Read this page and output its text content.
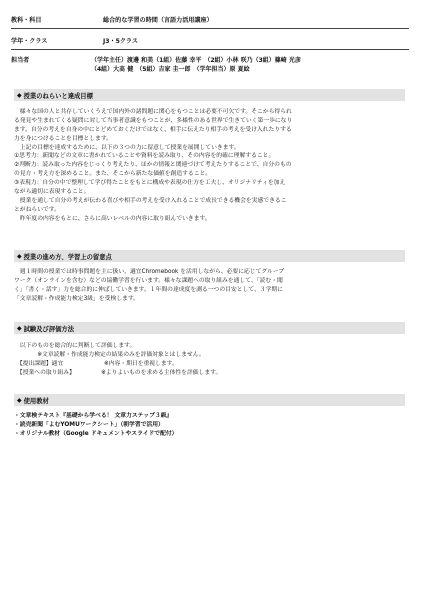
教科・科目	総合的な学習の時間（言語力活用講座）
学年・クラス	J3・5クラス
担当者	（学年主任）渡邊 和美（1組）佐藤 幸平　（2組）小林 咲乃（3組）篠崎 光彦
（4組）大髙 健　（5組）吉家 圭一郎　（学年担当）原 夏絵
◆ 授業のねらいと達成目標
　様々な国の人と共存していくうえで国内外の諸問題に関心をもつことは必要不可欠です。そこから得られ
る発見や生まれてくる疑問に対して当事者意識をもつことが、多様性のある世界で生きていく第一歩になり
ます。自分の考えを自身の中にとどめておくだけではなく、相手に伝えたり相手の考えを受け入れたりする
力を身につけることを目標とします。
　上記の目標を達成するために、以下の３つの力に留意して授業を展開していきます。
①思考力：新聞などの文章に書かれていることや資料を読み取り、その内容を的確に理解すること。
②判断力：読み取った内容をじっくり考えたり、ほかの情報と関連づけて考えたりすることで、自分のもの
の見方・考え方を深めること。また、そこから新たな価値を創造すること。
③表現力：自分の中で整理して学び得たことをもとに構成や表現の仕方を工夫し、オリジナリティを加え
ながら適切に表現すること。
　授業を通して自分の考えが伝わる喜びや相手の考えを受け入れることで成長できる機会を実感できるこ
とがねらいです。
　昨年度の内容をもとに、さらに高いレベルの内容に取り組んでいきます。
◆ 授業の進め方、学習上の留意点
　週１時間の授業では時事問題を主に扱い、適宜Chromebook を活用しながら、必要に応じてグループ
ワーク（オンラインを含む）などの協働学習を行います。様々な課題への取り組みを通して、「読む・聞
く」「書く・話す」力を総合的に伸ばしていきます。１年間の達成度を測る一つの目安として、３学期に
「文章読解・作成能力検定3級」を受検します。
◆ 試験及び評価方法
　以下のものを総合的に判断して評価します。
　　　　※文章読解・作成能力検定の結果のみを評価対象とはしません。
　【提出課題】適宜　　　　　　　※内容・期日を重視します。
　【授業への取り組み】　　　　　※よりよいものを求める主体性を評価します。
◆ 使用教材
・文章検テキスト『基礎から学べる！ 文章力ステップ３級』
・読売新聞「よむYOMUワークシート」（朝学習で活用）
・オリジナル教材（Google ドキュメントやスライドで配付）
